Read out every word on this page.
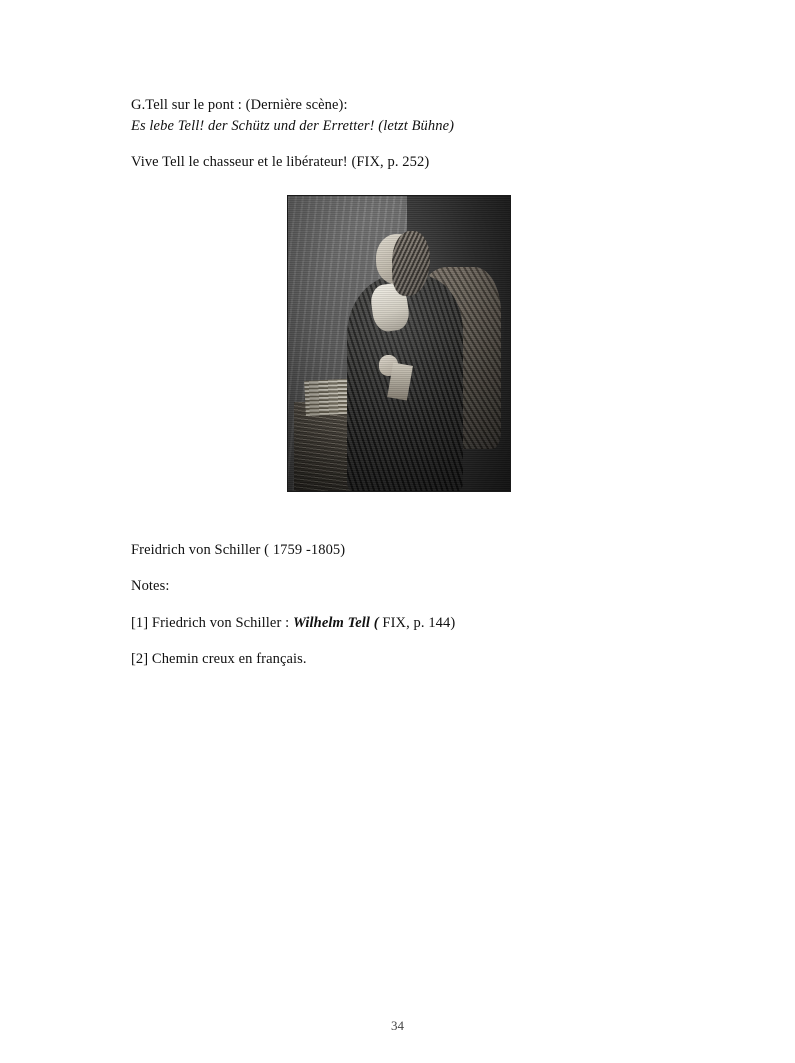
G.Tell sur le pont : (Dernière scène):

Es lebe Tell! der Schütz und der Erretter! (letzt Bühne)

Vive Tell le chasseur et le libérateur! (FIX, p. 252)

Freidrich von Schiller ( 1759 -1805)

Notes:

[1] Friedrich von Schiller : Wilhelm Tell ( FIX, p. 144)

[2] Chemin creux en français.

34
